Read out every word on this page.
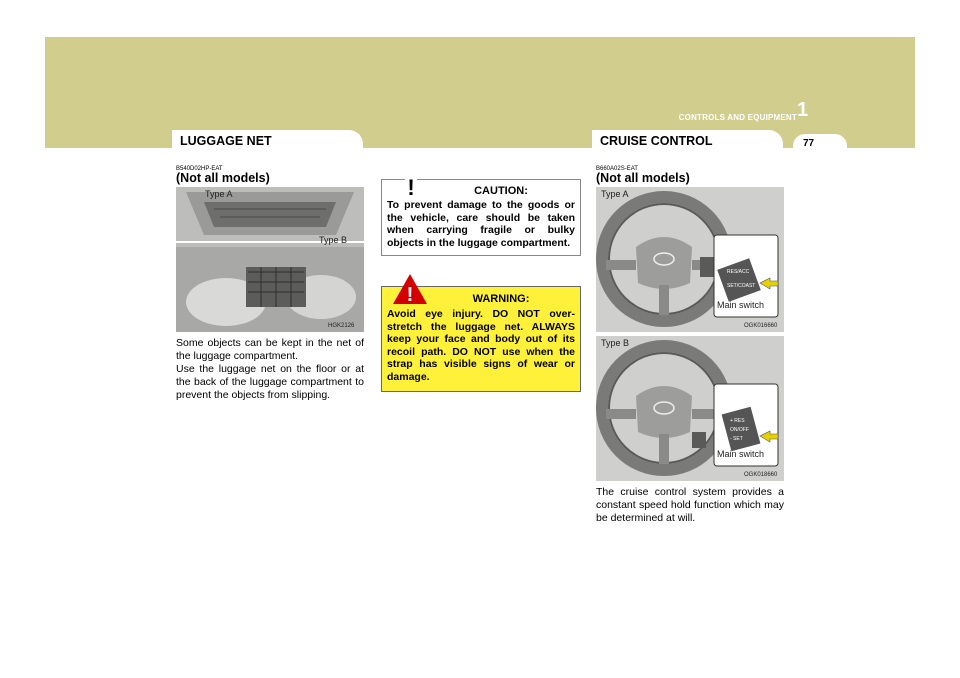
CONTROLS AND EQUIPMENT 1
77
LUGGAGE NET
B540D02HP-EAT
(Not all models)
Type A
Type B
HGK2126

Some objects can be kept in the net of the luggage compartment.

Use the luggage net on the floor or at the back of the luggage compartment to prevent the objects from slipping.

!	CAUTION:
To prevent damage to the goods or the vehicle, care should be taken when carrying fragile or bulky objects in the luggage compartment.
!	WARNING:
Avoid eye injury. DO NOT over-stretch the luggage net. ALWAYS keep your face and body out of its recoil path. DO NOT use when the strap has visible signs of wear or damage.
CRUISE CONTROL
B660A02S-EAT
(Not all models)
RES/ACC
SET/COAST
Type A
Main switch
OGK016660
+ RES
ON/OFF
- SET
Type B
Main switch
OGK018660

The cruise control system provides a constant speed hold function which may be determined at will.
